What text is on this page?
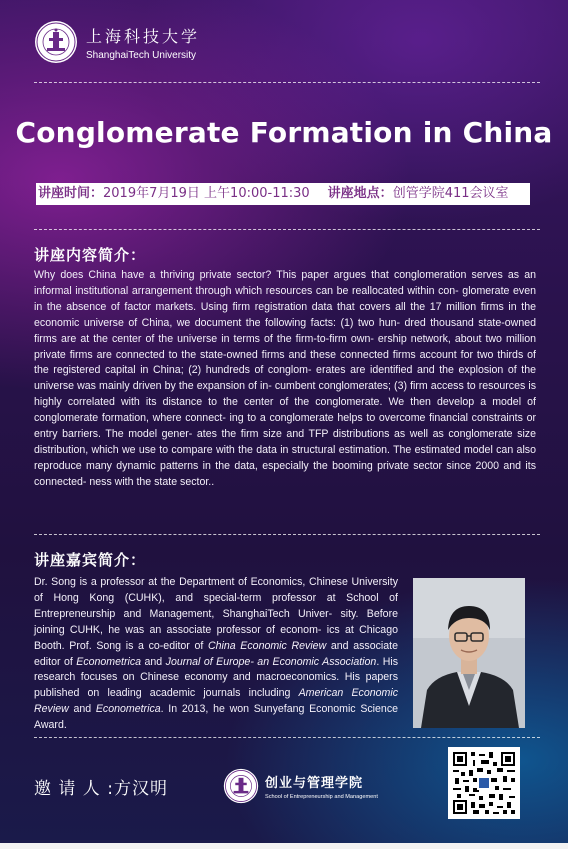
上海科技大学
ShanghaiTech University
Conglomerate Formation in China
讲座时间：2019年7月19日 上午10:00-11:30 讲座地点：创管学院411会议室
讲座内容简介：
Why does China have a thriving private sector? This paper argues that conglomeration serves as an informal institutional arrangement through which resources can be reallocated within con- glomerate even in the absence of factor markets. Using firm registration data that covers all the 17 million firms in the economic universe of China, we document the following facts: (1) two hun- dred thousand state-owned firms are at the center of the universe in terms of the firm-to-firm own- ership network, about two million private firms are connected to the state-owned firms and these connected firms account for two thirds of the registered capital in China; (2) hundreds of conglom- erates are identified and the explosion of the universe was mainly driven by the expansion of in- cumbent conglomerates; (3) firm access to resources is highly correlated with its distance to the center of the conglomerate. We then develop a model of conglomerate formation, where connect- ing to a conglomerate helps to overcome financial constraints or entry barriers. The model gener- ates the firm size and TFP distributions as well as conglomerate size distribution, which we use to compare with the data in structural estimation. The estimated model can also reproduce many dynamic patterns in the data, especially the booming private sector since 2000 and its connected- ness with the state sector..
讲座嘉宾简介：
Dr. Song is a professor at the Department of Economics, Chinese University of Hong Kong (CUHK), and special-term professor at School of Entrepreneurship and Management, ShanghaiTech Univer- sity. Before joining CUHK, he was an associate professor of econom- ics at Chicago Booth. Prof. Song is a co-editor of China Economic Review and associate editor of Econometrica and Journal of Europe- an Economic Association. His research focuses on Chinese economy and macroeconomics. His papers published on leading academic journals including American Economic Review and Econometrica. In 2013, he won Sunyefang Economic Science Award.
邀 请 人 :方汉明	创业与管理学院
School of Entrepreneurship and Management
